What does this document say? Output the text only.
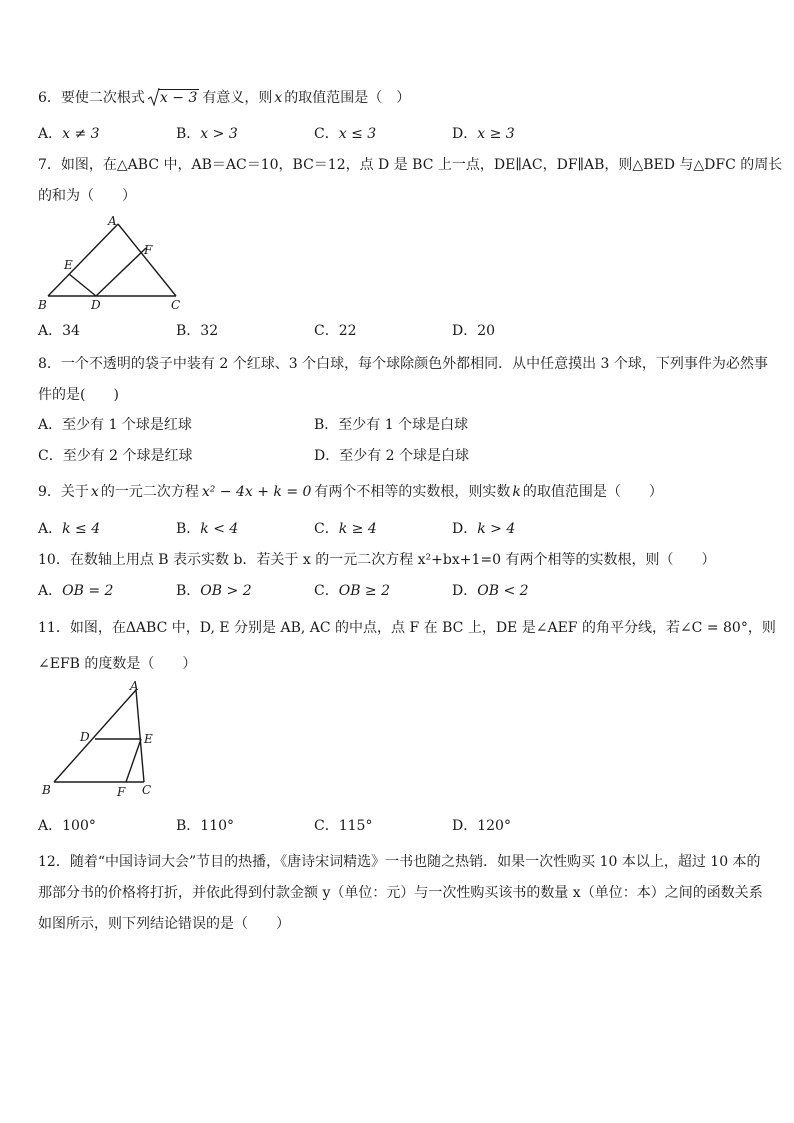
6．要使二次根式 x − 3 有意义，则 x 的取值范围是（　）
A．x ≠ 3	B．x > 3	C．x ≤ 3	D．x ≥ 3
7．如图，在△ABC 中，AB＝AC＝10，BC＝12，点 D 是 BC 上一点，DE∥AC，DF∥AB，则△BED 与△DFC 的周长
的和为（　　）
A
B	C
D
E
F
A．34	B．32	C．22	D．20
8．一个不透明的袋子中装有 2 个红球、3 个白球，每个球除颜色外都相同．从中任意摸出 3 个球，下列事件为必然事
件的是(　　)
A．至少有 1 个球是红球	B．至少有 1 个球是白球
C．至少有 2 个球是红球	D．至少有 2 个球是白球
9．关于 x 的一元二次方程 x² − 4x + k = 0 有两个不相等的实数根，则实数 k 的取值范围是（　　）
A．k ≤ 4	B．k < 4	C．k ≥ 4	D．k > 4
10．在数轴上用点 B 表示实数 b．若关于 x 的一元二次方程 x²+bx+1=0 有两个相等的实数根，则（　　）
A．OB = 2	B．OB > 2	C．OB ≥ 2	D．OB < 2
11．如图，在ΔABC 中，D, E 分别是 AB, AC 的中点，点 F 在 BC 上，DE 是∠AEF 的角平分线，若∠C = 80°，则
∠EFB 的度数是（　　）
A
B	C
D	E
F
A．100°	B．110°	C．115°	D．120°
12．随着“中国诗词大会”节目的热播，《唐诗宋词精选》一书也随之热销．如果一次性购买 10 本以上，超过 10 本的
那部分书的价格将打折，并依此得到付款金额 y（单位：元）与一次性购买该书的数量 x（单位：本）之间的函数关系
如图所示，则下列结论错误的是（　　）
